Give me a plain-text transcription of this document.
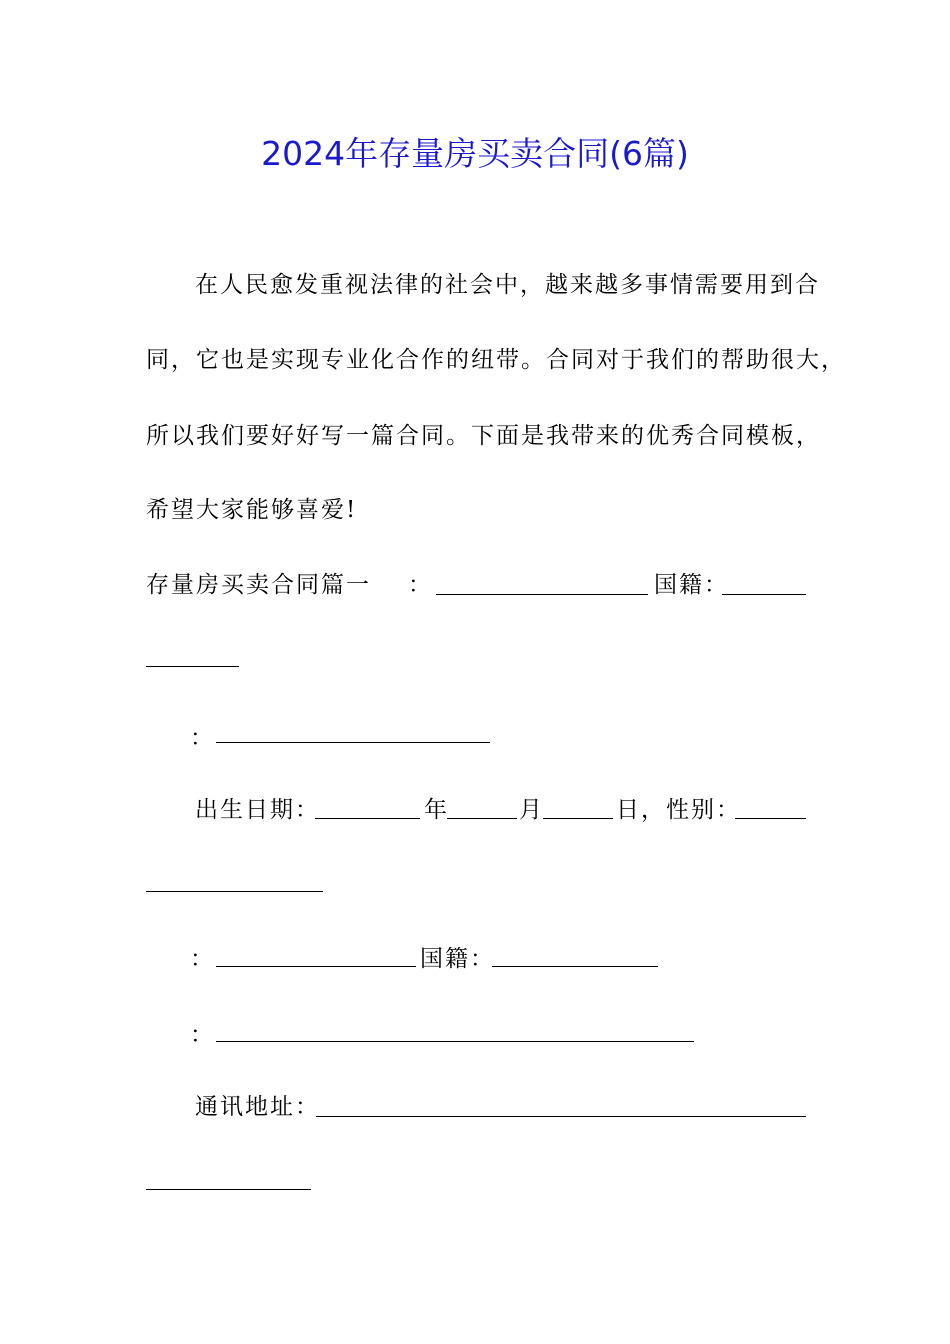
2024年存量房买卖合同(6篇)
在人民愈发重视法律的社会中，越来越多事情需要用到合
同，它也是实现专业化合作的纽带。合同对于我们的帮助很大，
所以我们要好好写一篇合同。下面是我带来的优秀合同模板，
希望大家能够喜爱!
存量房买卖合同篇一 ：	国籍：
：
出生日期：	年	月	日，性别：
：	国籍：
：
通讯地址：
